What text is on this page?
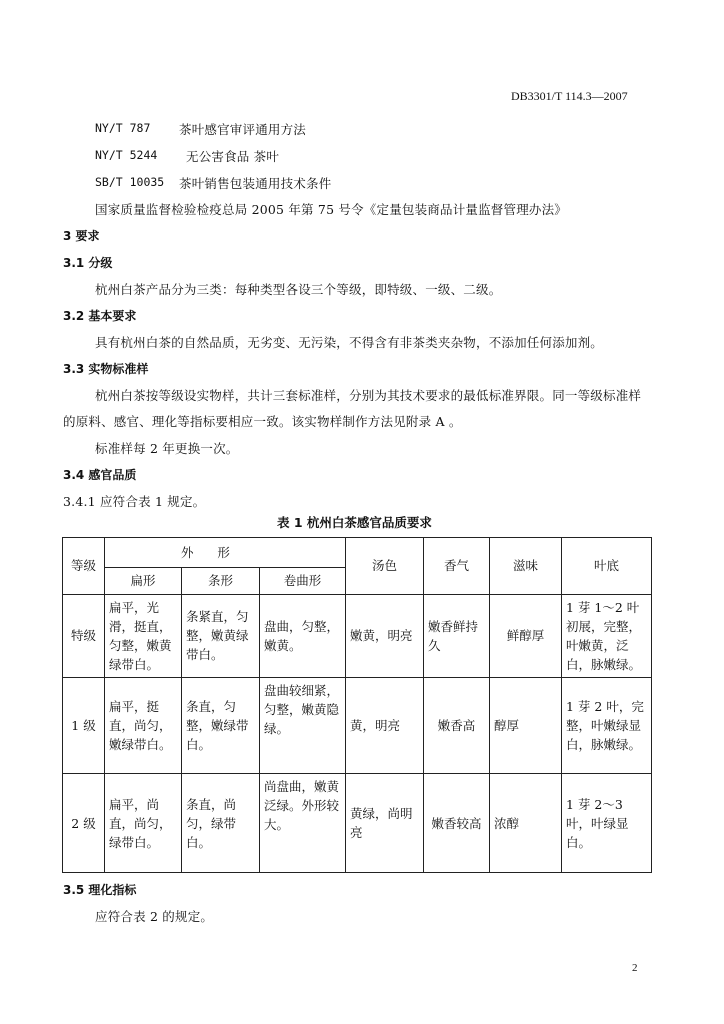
DB3301/T 114.3—2007
NY/T 787 茶叶感官审评通用方法
NY/T 5244 无公害食品 茶叶
SB/T 10035 茶叶销售包装通用技术条件
国家质量监督检验检疫总局 2005 年第 75 号令《定量包装商品计量监督管理办法》
3 要求
3.1 分级
杭州白茶产品分为三类：每种类型各设三个等级，即特级、一级、二级。
3.2 基本要求
具有杭州白茶的自然品质，无劣变、无污染，不得含有非茶类夹杂物，不添加任何添加剂。
3.3 实物标准样
杭州白茶按等级设实物样，共计三套标准样，分别为其技术要求的最低标准界限。同一等级标准样
的原料、感官、理化等指标要相应一致。该实物样制作方法见附录 A 。
标准样每 2 年更换一次。
3.4 感官品质
3.4.1 应符合表 1 规定。
表 1 杭州白茶感官品质要求
等级	外      形			汤色	香气	滋味	叶底
	扁形	条形	卷曲形				
特级	扁平，光滑，挺直，匀整，嫩黄绿带白。	条紧直，匀整，嫩黄绿带白。	盘曲，匀整，嫩黄。	嫩黄，明亮	嫩香鲜持久	鲜醇厚	1 芽 1～2 叶初展，完整，叶嫩黄，泛白，脉嫩绿。
1 级	扁平，挺直，尚匀，嫩绿带白。	条直，匀整，嫩绿带白。	盘曲较细紧，匀整，嫩黄隐绿。	黄，明亮	嫩香高	醇厚	1 芽 2 叶，完整，叶嫩绿显白，脉嫩绿。
2 级	扁平，尚直，尚匀，绿带白。	条直，尚匀，绿带白。	尚盘曲，嫩黄泛绿。外形较大。	黄绿，尚明亮	嫩香较高	浓醇	1 芽 2～3 叶，叶绿显白。
3.5 理化指标
应符合表 2 的规定。
2
